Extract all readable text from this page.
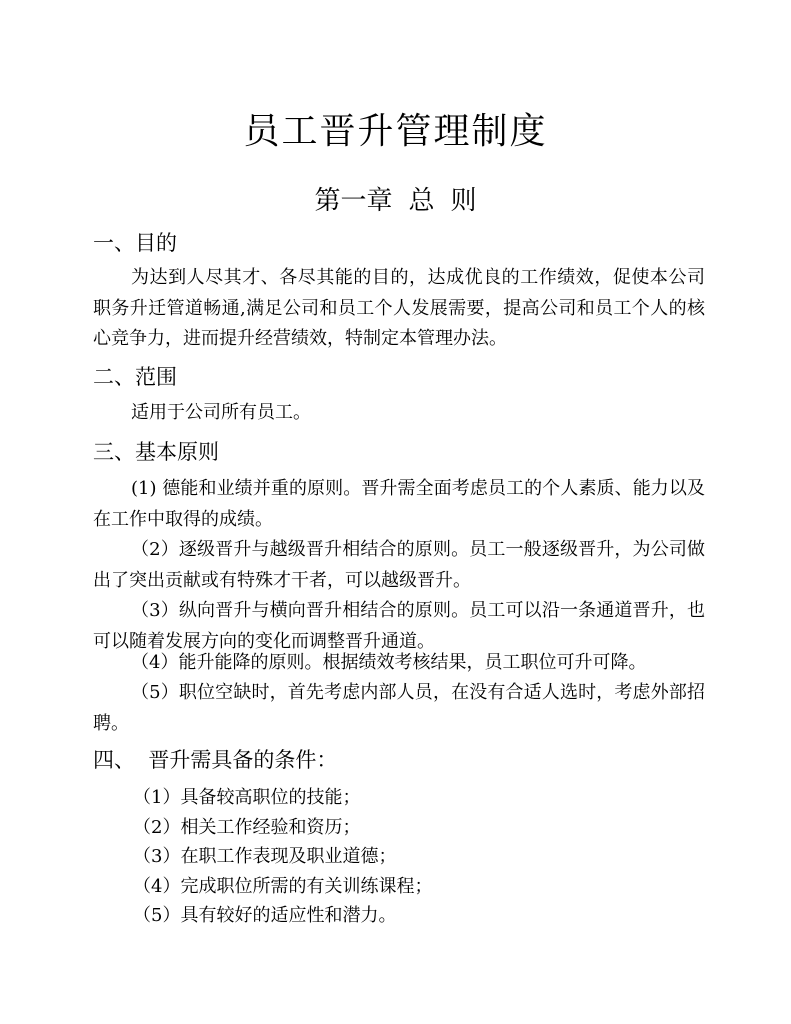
员工晋升管理制度
第一章 总 则
一、目的
为达到人尽其才、各尽其能的目的，达成优良的工作绩效，促使本公司职务升迁管道畅通,满足公司和员工个人发展需要，提高公司和员工个人的核心竞争力，进而提升经营绩效，特制定本管理办法。
二、范围
适用于公司所有员工。
三、基本原则
(1) 德能和业绩并重的原则。晋升需全面考虑员工的个人素质、能力以及在工作中取得的成绩。
（2）逐级晋升与越级晋升相结合的原则。员工一般逐级晋升，为公司做出了突出贡献或有特殊才干者，可以越级晋升。
（3）纵向晋升与横向晋升相结合的原则。员工可以沿一条通道晋升，也可以随着发展方向的变化而调整晋升通道。
（4）能升能降的原则。根据绩效考核结果，员工职位可升可降。
（5）职位空缺时，首先考虑内部人员，在没有合适人选时，考虑外部招聘。
四、  晋升需具备的条件：
（1）具备较高职位的技能；
（2）相关工作经验和资历；
（3）在职工作表现及职业道德；
（4）完成职位所需的有关训练课程；
（5）具有较好的适应性和潜力。
